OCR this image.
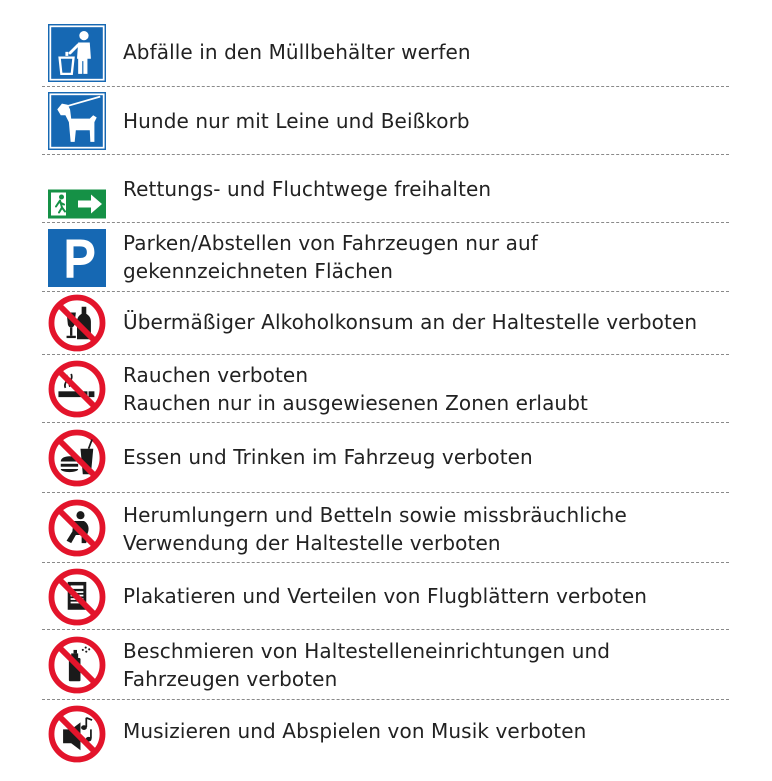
Abfälle in den Müllbehälter werfen
Hunde nur mit Leine und Beißkorb
Rettungs- und Fluchtwege freihalten
Parken/Abstellen von Fahrzeugen nur auf
gekennzeichneten Flächen
Übermäßiger Alkoholkonsum an der Haltestelle verboten
Rauchen verboten
Rauchen nur in ausgewiesenen Zonen erlaubt
Essen und Trinken im Fahrzeug verboten
Herumlungern und Betteln sowie missbräuchliche
Verwendung der Haltestelle verboten
Plakatieren und Verteilen von Flugblättern verboten
Beschmieren von Haltestelleneinrichtungen und
Fahrzeugen verboten
Musizieren und Abspielen von Musik verboten
